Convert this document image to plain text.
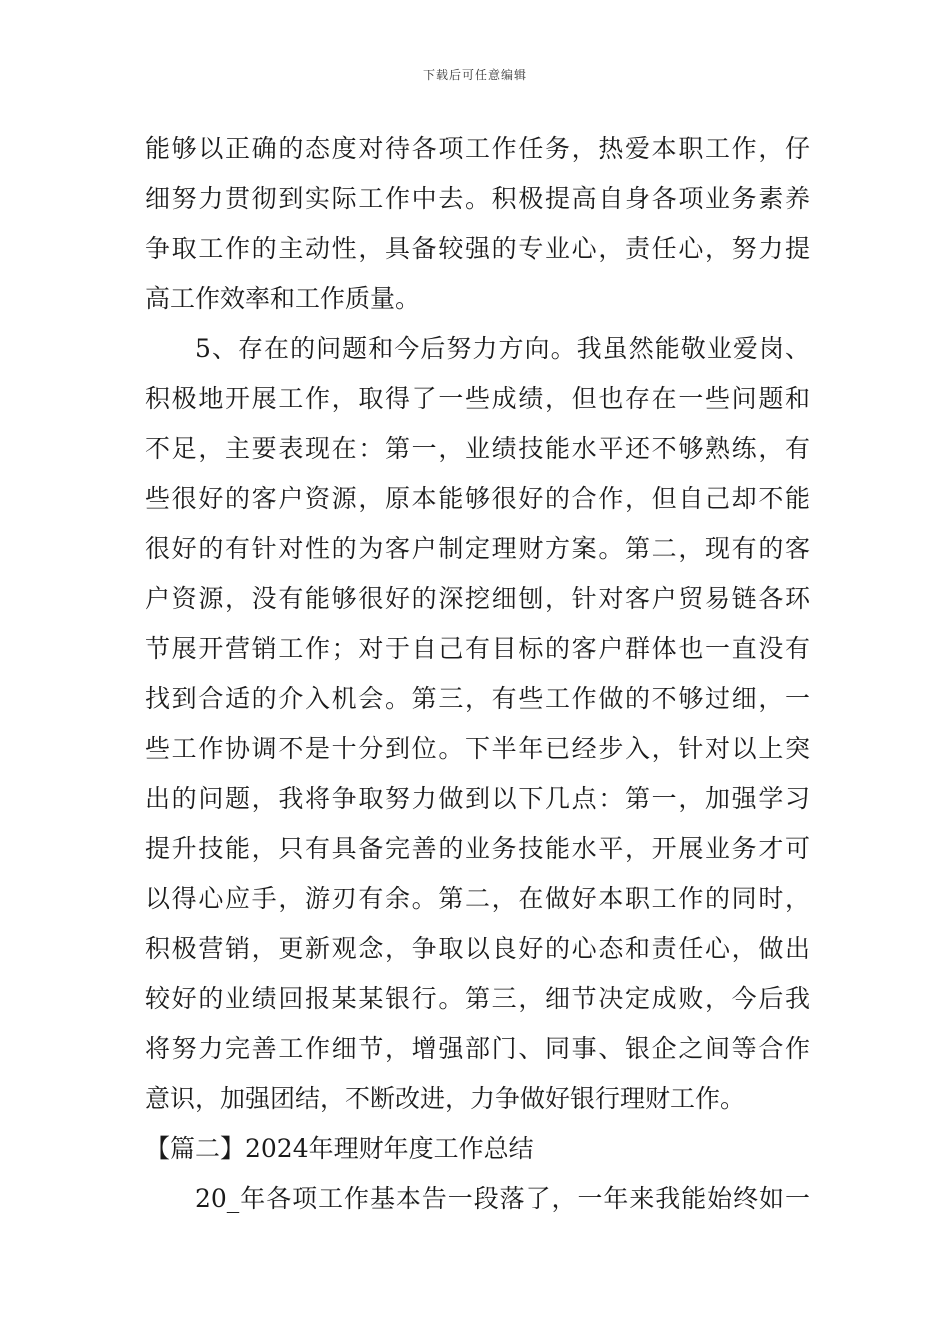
下载后可任意编辑
能够以正确的态度对待各项工作任务，热爱本职工作，仔
细努力贯彻到实际工作中去。积极提高自身各项业务素养
争取工作的主动性，具备较强的专业心，责任心，努力提
高工作效率和工作质量。
5、存在的问题和今后努力方向。我虽然能敬业爱岗、
积极地开展工作，取得了一些成绩，但也存在一些问题和
不足，主要表现在：第一，业绩技能水平还不够熟练，有
些很好的客户资源，原本能够很好的合作，但自己却不能
很好的有针对性的为客户制定理财方案。第二，现有的客
户资源，没有能够很好的深挖细刨，针对客户贸易链各环
节展开营销工作；对于自己有目标的客户群体也一直没有
找到合适的介入机会。第三，有些工作做的不够过细，一
些工作协调不是十分到位。下半年已经步入，针对以上突
出的问题，我将争取努力做到以下几点：第一，加强学习
提升技能，只有具备完善的业务技能水平，开展业务才可
以得心应手，游刃有余。第二，在做好本职工作的同时，
积极营销，更新观念，争取以良好的心态和责任心，做出
较好的业绩回报某某银行。第三，细节决定成败，今后我
将努力完善工作细节，增强部门、同事、银企之间等合作
意识，加强团结，不断改进，力争做好银行理财工作。
【篇二】2024年理财年度工作总结
20_年各项工作基本告一段落了，一年来我能始终如一
